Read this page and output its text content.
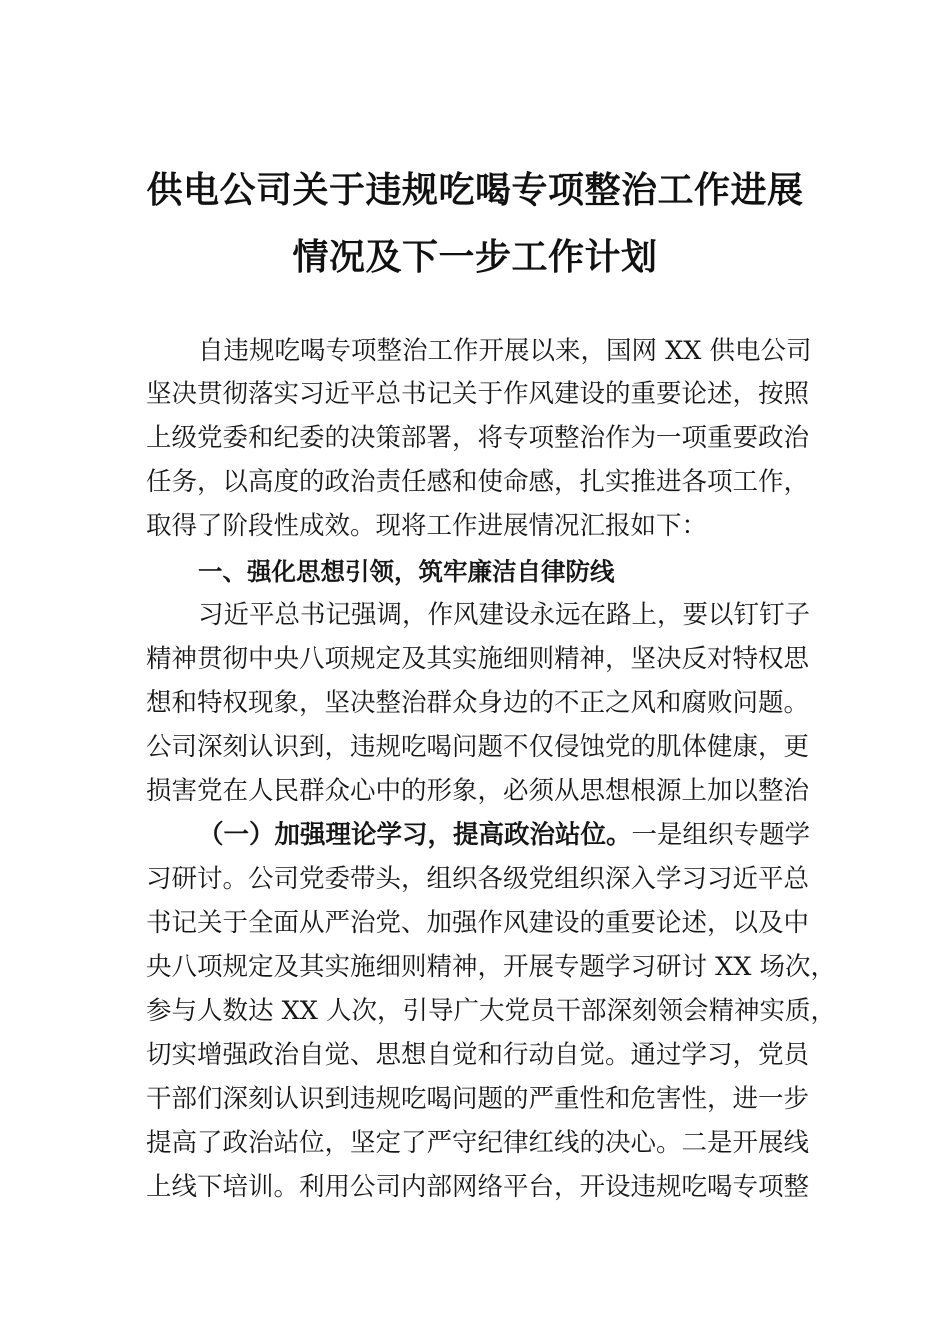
供电公司关于违规吃喝专项整治工作进展
情况及下一步工作计划
自违规吃喝专项整治工作开展以来，国网 XX 供电公司
坚决贯彻落实习近平总书记关于作风建设的重要论述，按照
上级党委和纪委的决策部署，将专项整治作为一项重要政治
任务，以高度的政治责任感和使命感，扎实推进各项工作，
取得了阶段性成效。现将工作进展情况汇报如下：
一、强化思想引领，筑牢廉洁自律防线
习近平总书记强调，作风建设永远在路上，要以钉钉子
精神贯彻中央八项规定及其实施细则精神，坚决反对特权思
想和特权现象，坚决整治群众身边的不正之风和腐败问题。
公司深刻认识到，违规吃喝问题不仅侵蚀党的肌体健康，更
损害党在人民群众心中的形象，必须从思想根源上加以整治
（一）加强理论学习，提高政治站位。一是组织专题学
习研讨。公司党委带头，组织各级党组织深入学习习近平总
书记关于全面从严治党、加强作风建设的重要论述，以及中
央八项规定及其实施细则精神，开展专题学习研讨 XX 场次，
参与人数达 XX 人次，引导广大党员干部深刻领会精神实质，
切实增强政治自觉、思想自觉和行动自觉。通过学习，党员
干部们深刻认识到违规吃喝问题的严重性和危害性，进一步
提高了政治站位，坚定了严守纪律红线的决心。二是开展线
上线下培训。利用公司内部网络平台，开设违规吃喝专项整
